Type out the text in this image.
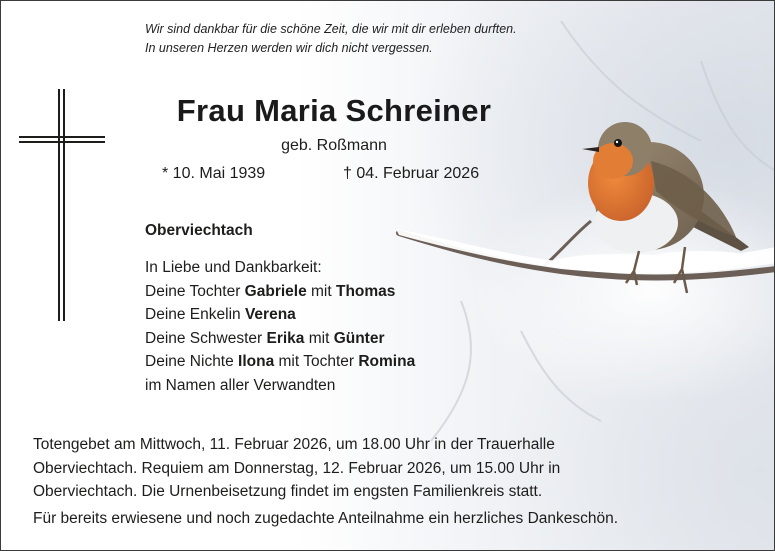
Wir sind dankbar für die schöne Zeit, die wir mit dir erleben durften.
In unseren Herzen werden wir dich nicht vergessen.
Frau Maria Schreiner
geb. Roßmann
* 10. Mai 1939	† 04. Februar 2026
Oberviechtach
In Liebe und Dankbarkeit:
Deine Tochter Gabriele mit Thomas
Deine Enkelin Verena
Deine Schwester Erika mit Günter
Deine Nichte Ilona mit Tochter Romina
im Namen aller Verwandten
Totengebet am Mittwoch, 11. Februar 2026, um 18.00 Uhr in der Trauerhalle
Oberviechtach. Requiem am Donnerstag, 12. Februar 2026, um 15.00 Uhr in
Oberviechtach. Die Urnenbeisetzung findet im engsten Familienkreis statt.
Für bereits erwiesene und noch zugedachte Anteilnahme ein herzliches Dankeschön.
